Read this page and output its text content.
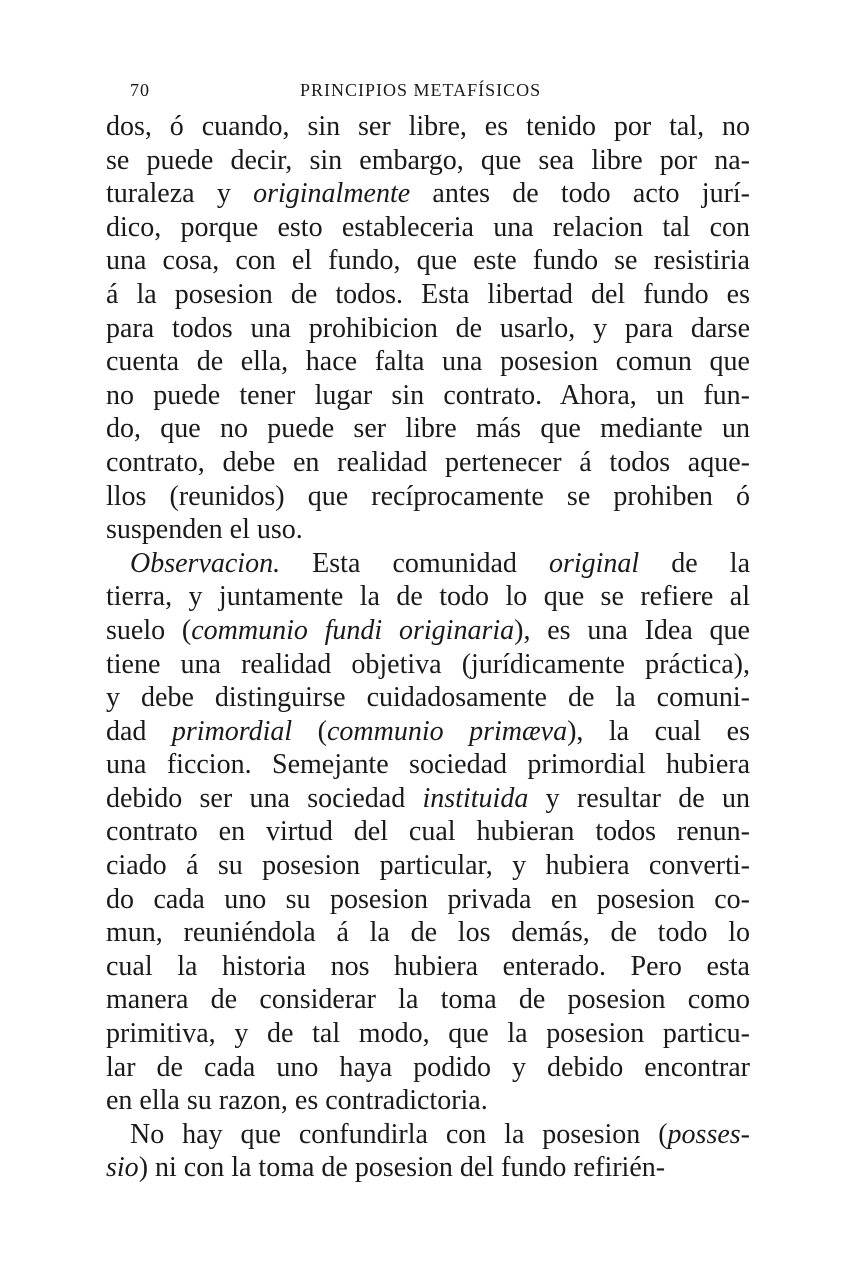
70	PRINCIPIOS METAFÍSICOS
dos, ó cuando, sin ser libre, es tenido por tal, no
se puede decir, sin embargo, que sea libre por na-
turaleza y originalmente antes de todo acto jurí-
dico, porque esto estableceria una relacion tal con
una cosa, con el fundo, que este fundo se resistiria
á la posesion de todos. Esta libertad del fundo es
para todos una prohibicion de usarlo, y para darse
cuenta de ella, hace falta una posesion comun que
no puede tener lugar sin contrato. Ahora, un fun-
do, que no puede ser libre más que mediante un
contrato, debe en realidad pertenecer á todos aque-
llos (reunidos) que recíprocamente se prohiben ó
suspenden el uso.
Observacion. Esta comunidad original de la
tierra, y juntamente la de todo lo que se refiere al
suelo (communio fundi originaria), es una Idea que
tiene una realidad objetiva (jurídicamente práctica),
y debe distinguirse cuidadosamente de la comuni-
dad primordial (communio primæva), la cual es
una ficcion. Semejante sociedad primordial hubiera
debido ser una sociedad instituida y resultar de un
contrato en virtud del cual hubieran todos renun-
ciado á su posesion particular, y hubiera converti-
do cada uno su posesion privada en posesion co-
mun, reuniéndola á la de los demás, de todo lo
cual la historia nos hubiera enterado. Pero esta
manera de considerar la toma de posesion como
primitiva, y de tal modo, que la posesion particu-
lar de cada uno haya podido y debido encontrar
en ella su razon, es contradictoria.
No hay que confundirla con la posesion (posses-
sio) ni con la toma de posesion del fundo refirién-
